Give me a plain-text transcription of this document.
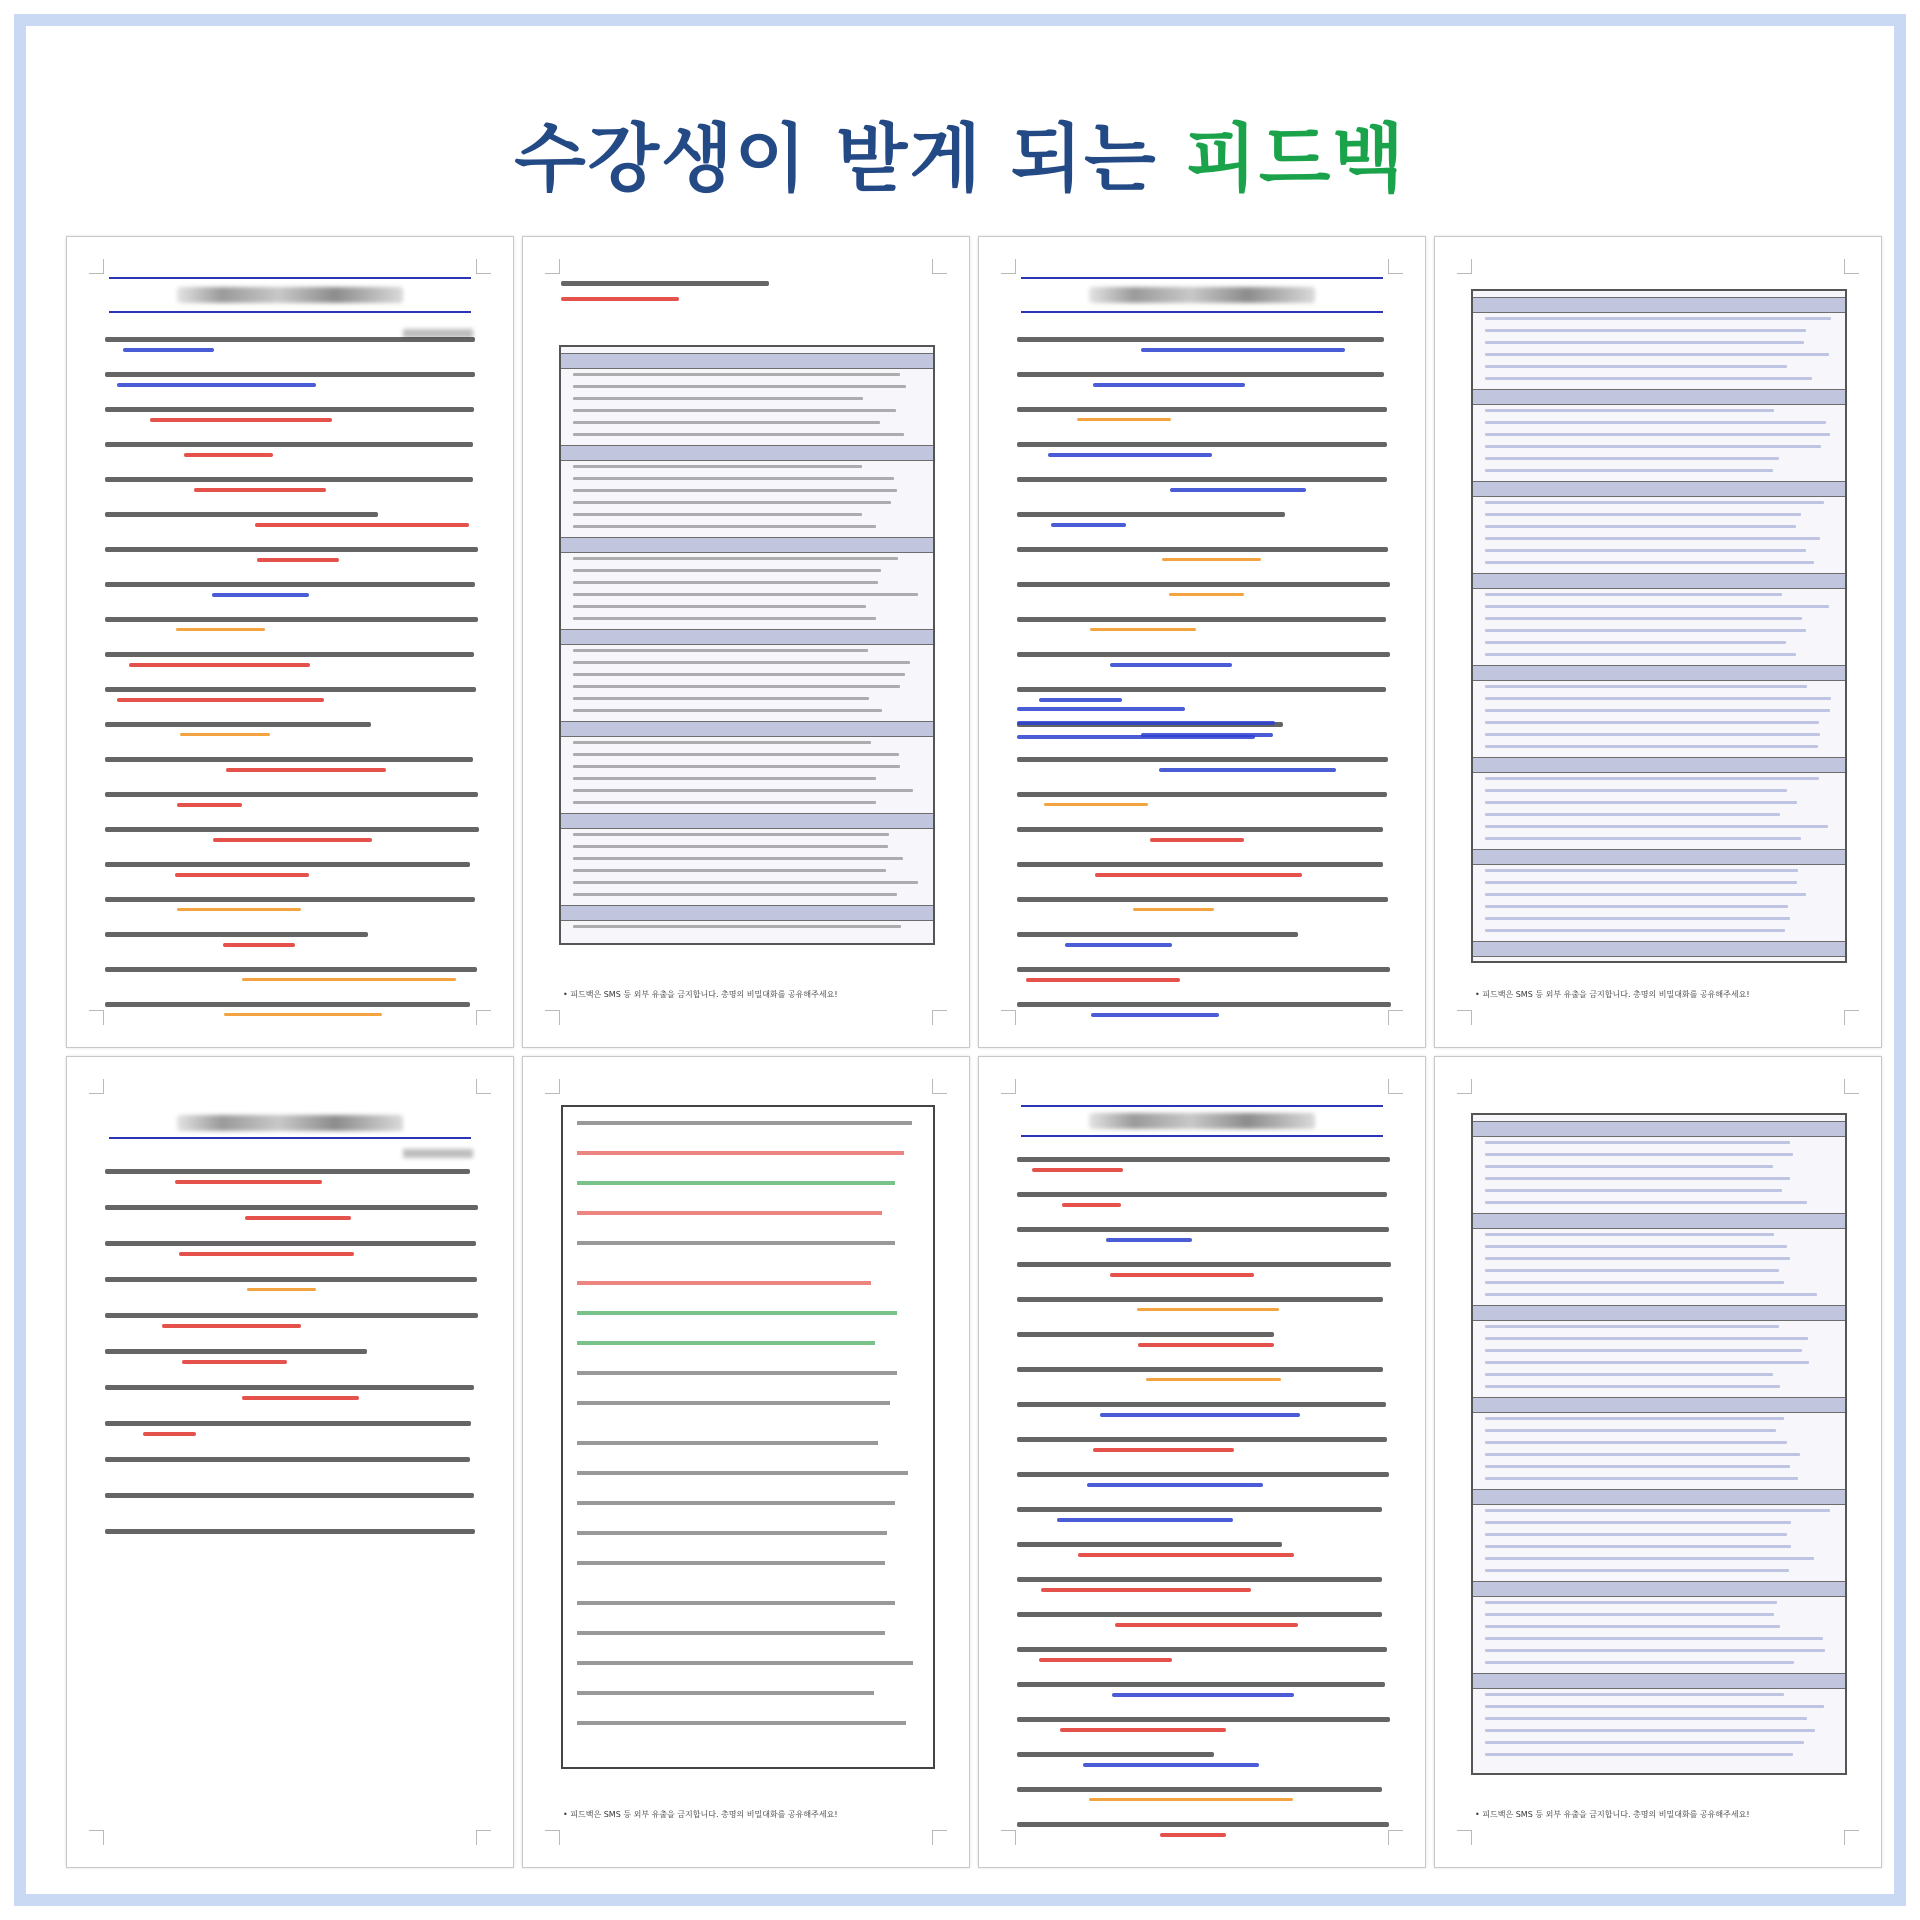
수강생이 받게 되는 피드백
• 피드백은 SMS 등 외부 유출을 금지합니다. 총명의 비밀대화를 공유해주세요!	• 피드백은 SMS 등 외부 유출을 금지합니다. 총명의 비밀대화를 공유해주세요!
• 피드백은 SMS 등 외부 유출을 금지합니다. 총명의 비밀대화를 공유해주세요!	• 피드백은 SMS 등 외부 유출을 금지합니다. 총명의 비밀대화를 공유해주세요!
